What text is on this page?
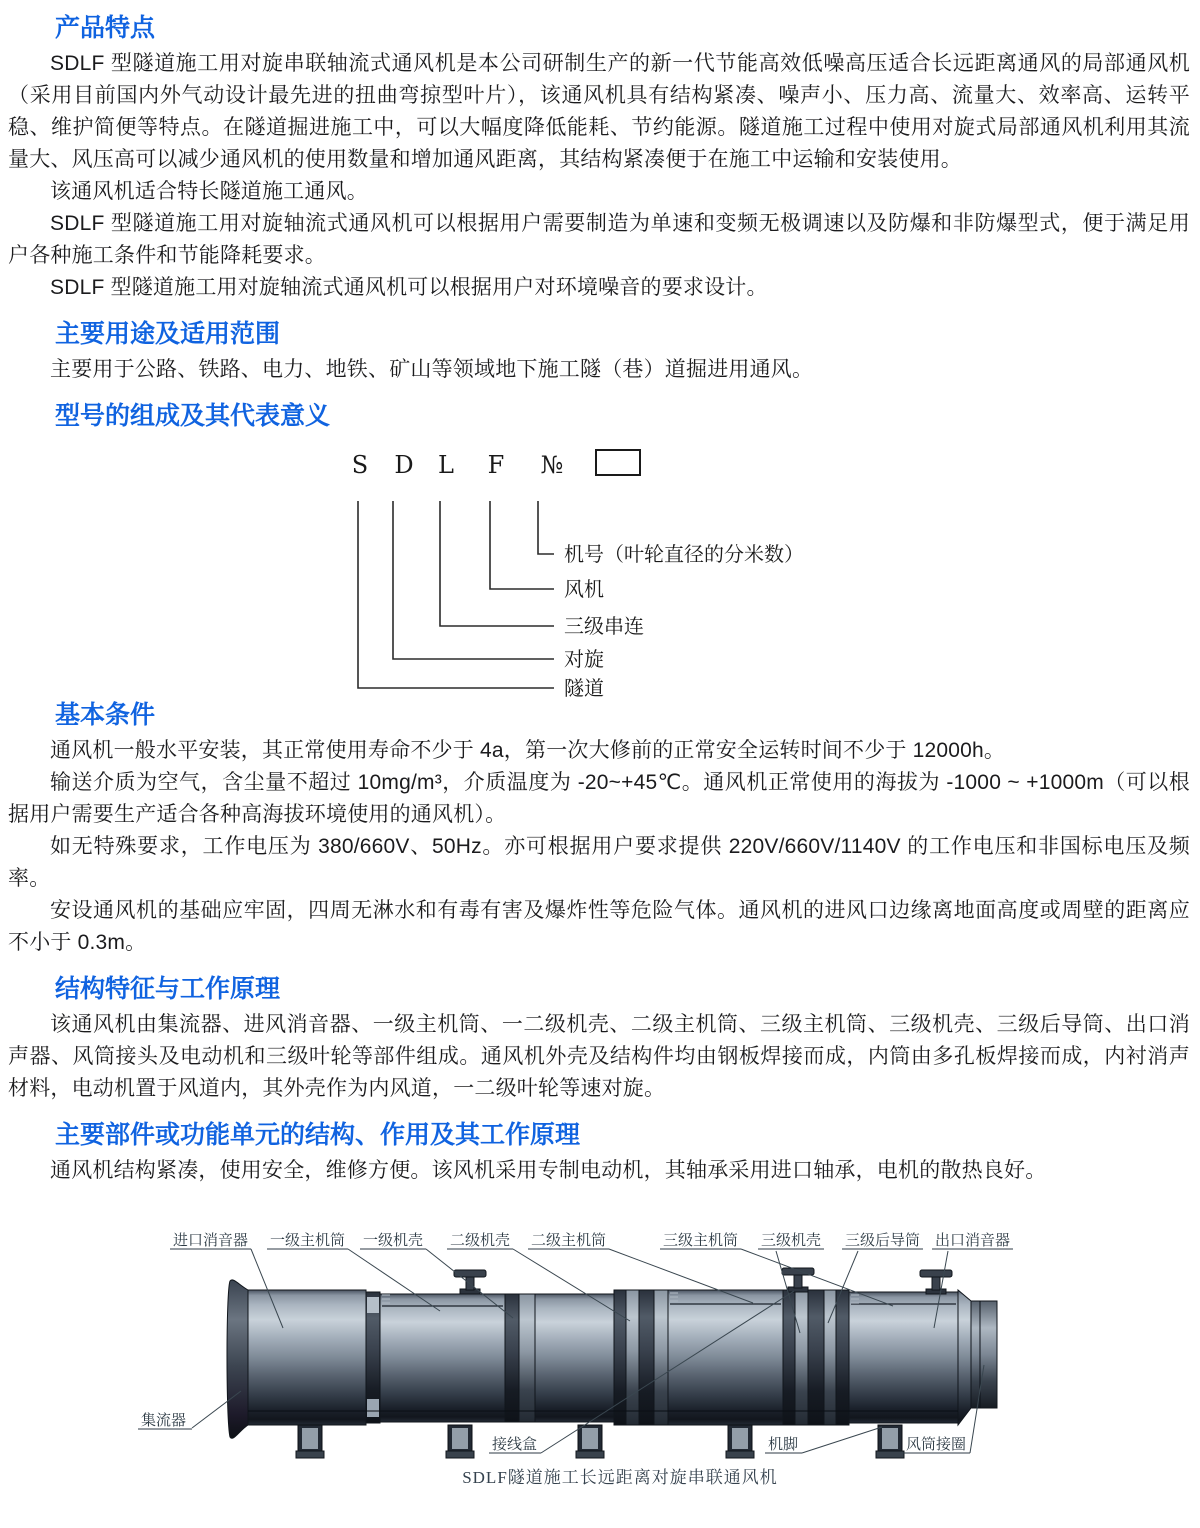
产品特点

SDLF 型隧道施工用对旋串联轴流式通风机是本公司研制生产的新一代节能高效低噪高压适合长远距离通风的局部通风机（采用目前国内外气动设计最先进的扭曲弯掠型叶片），该通风机具有结构紧凑、噪声小、压力高、流量大、效率高、运转平稳、维护简便等特点。在隧道掘进施工中，可以大幅度降低能耗、节约能源。隧道施工过程中使用对旋式局部通风机利用其流量大、风压高可以减少通风机的使用数量和增加通风距离，其结构紧凑便于在施工中运输和安装使用。

该通风机适合特长隧道施工通风。

SDLF 型隧道施工用对旋轴流式通风机可以根据用户需要制造为单速和变频无极调速以及防爆和非防爆型式，便于满足用户各种施工条件和节能降耗要求。

SDLF 型隧道施工用对旋轴流式通风机可以根据用户对环境噪音的要求设计。

主要用途及适用范围

主要用于公路、铁路、电力、地铁、矿山等领域地下施工隧（巷）道掘进用通风。

型号的组成及其代表意义
S D L F №
机号（叶轮直径的分米数）
风机
三级串连
对旋
隧道
基本条件

通风机一般水平安装，其正常使用寿命不少于 4a，第一次大修前的正常安全运转时间不少于 12000h。

输送介质为空气，含尘量不超过 10mg/m³，介质温度为 -20~+45℃。通风机正常使用的海拔为 -1000 ~ +1000m（可以根据用户需要生产适合各种高海拔环境使用的通风机）。

如无特殊要求，工作电压为 380/660V、50Hz。亦可根据用户要求提供 220V/660V/1140V 的工作电压和非国标电压及频率。

安设通风机的基础应牢固，四周无淋水和有毒有害及爆炸性等危险气体。通风机的进风口边缘离地面高度或周壁的距离应不小于 0.3m。

结构特征与工作原理

该通风机由集流器、进风消音器、一级主机筒、一二级机壳、二级主机筒、三级主机筒、三级机壳、三级后导筒、出口消声器、风筒接头及电动机和三级叶轮等部件组成。通风机外壳及结构件均由钢板焊接而成，内筒由多孔板焊接而成，内衬消声材料，电动机置于风道内，其外壳作为内风道，一二级叶轮等速对旋。

主要部件或功能单元的结构、作用及其工作原理

通风机结构紧凑，使用安全，维修方便。该风机采用专制电动机，其轴承采用进口轴承，电机的散热良好。

进口消音器 一级主机筒 一级机壳 二级机壳 二级主机筒	三级主机筒 三级机壳 三级后导筒 出口消音器
集流器
接线盒	机脚	风筒接圈
SDLF隧道施工长远距离对旋串联通风机
